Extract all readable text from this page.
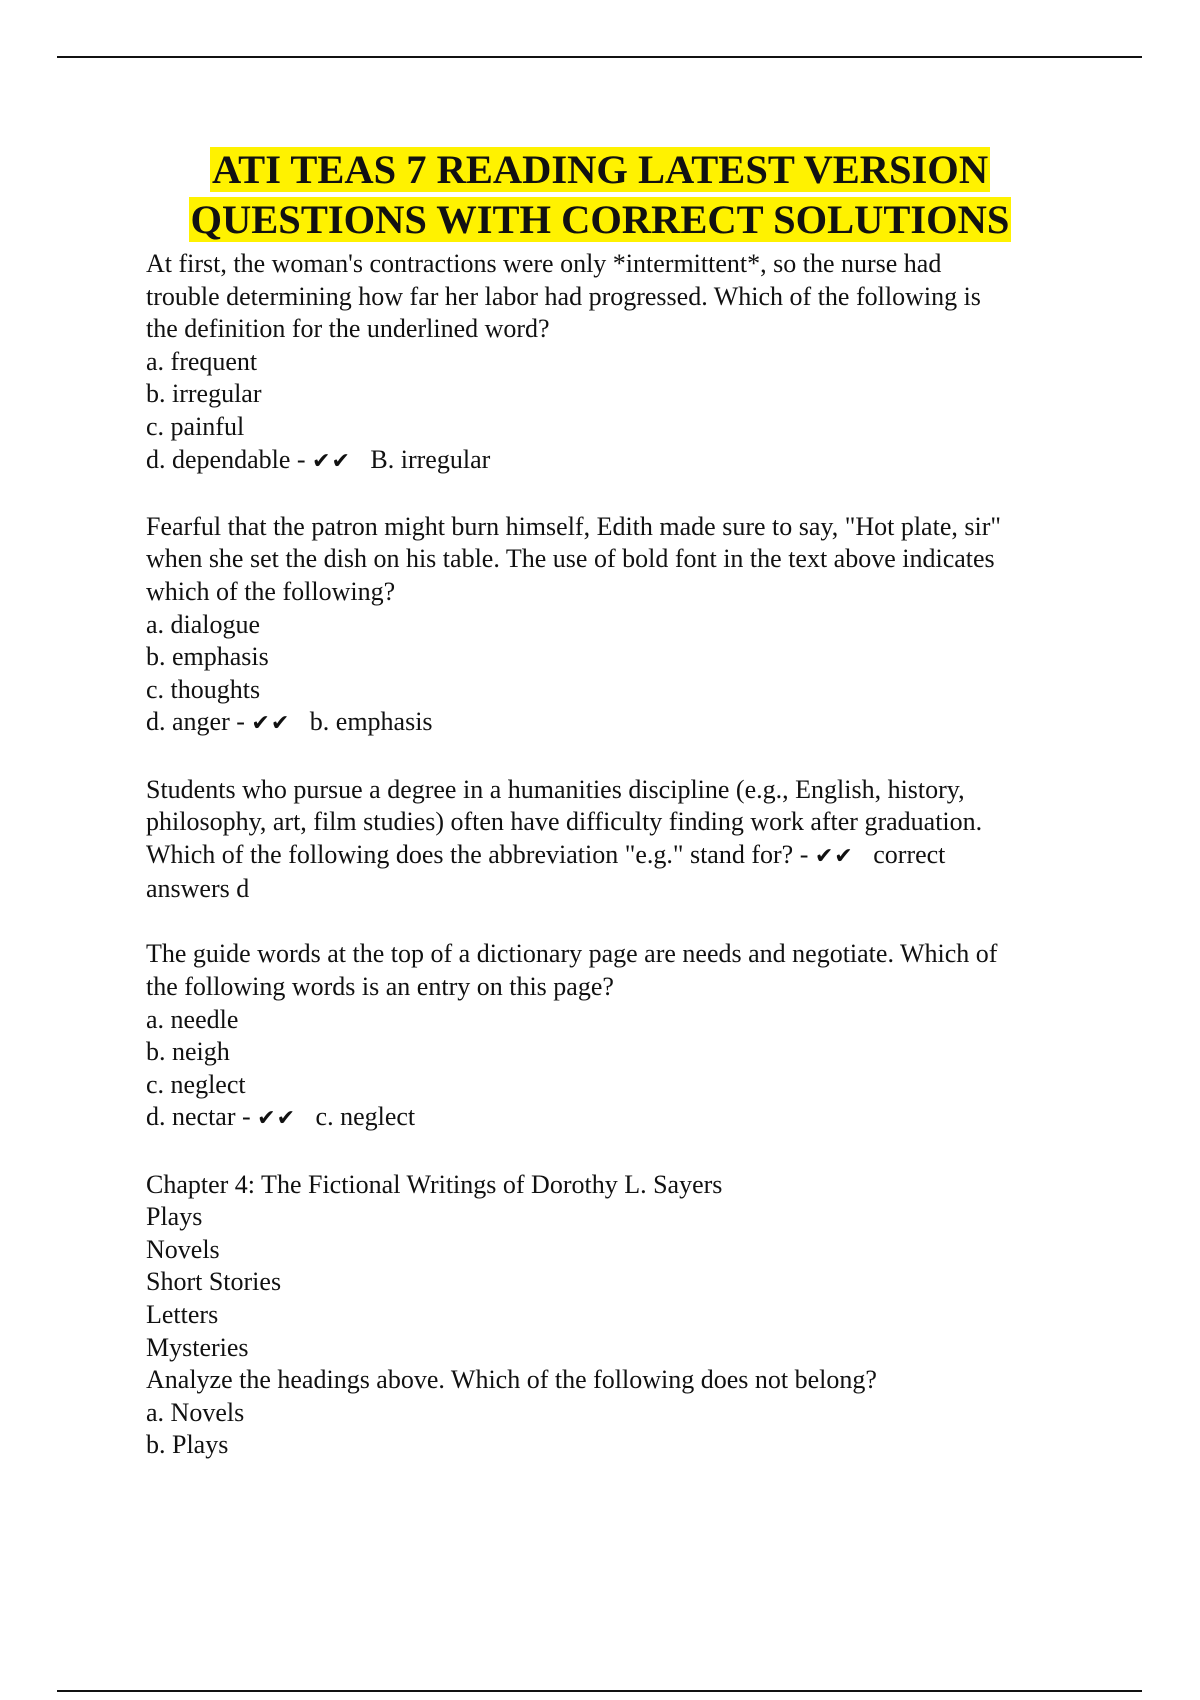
ATI TEAS 7 READING LATEST VERSION
QUESTIONS WITH CORRECT SOLUTIONS
At first, the woman's contractions were only *intermittent*, so the nurse had
trouble determining how far her labor had progressed. Which of the following is
the definition for the underlined word?
a. frequent
b. irregular
c. painful
d. dependable - ✔✔ B. irregular
Fearful that the patron might burn himself, Edith made sure to say, "Hot plate, sir"
when she set the dish on his table. The use of bold font in the text above indicates
which of the following?
a. dialogue
b. emphasis
c. thoughts
d. anger - ✔✔ b. emphasis
Students who pursue a degree in a humanities discipline (e.g., English, history,
philosophy, art, film studies) often have difficulty finding work after graduation.
Which of the following does the abbreviation "e.g." stand for? - ✔✔ correct
answers d
The guide words at the top of a dictionary page are needs and negotiate. Which of
the following words is an entry on this page?
a. needle
b. neigh
c. neglect
d. nectar - ✔✔ c. neglect
Chapter 4: The Fictional Writings of Dorothy L. Sayers
Plays
Novels
Short Stories
Letters
Mysteries
Analyze the headings above. Which of the following does not belong?
a. Novels
b. Plays
